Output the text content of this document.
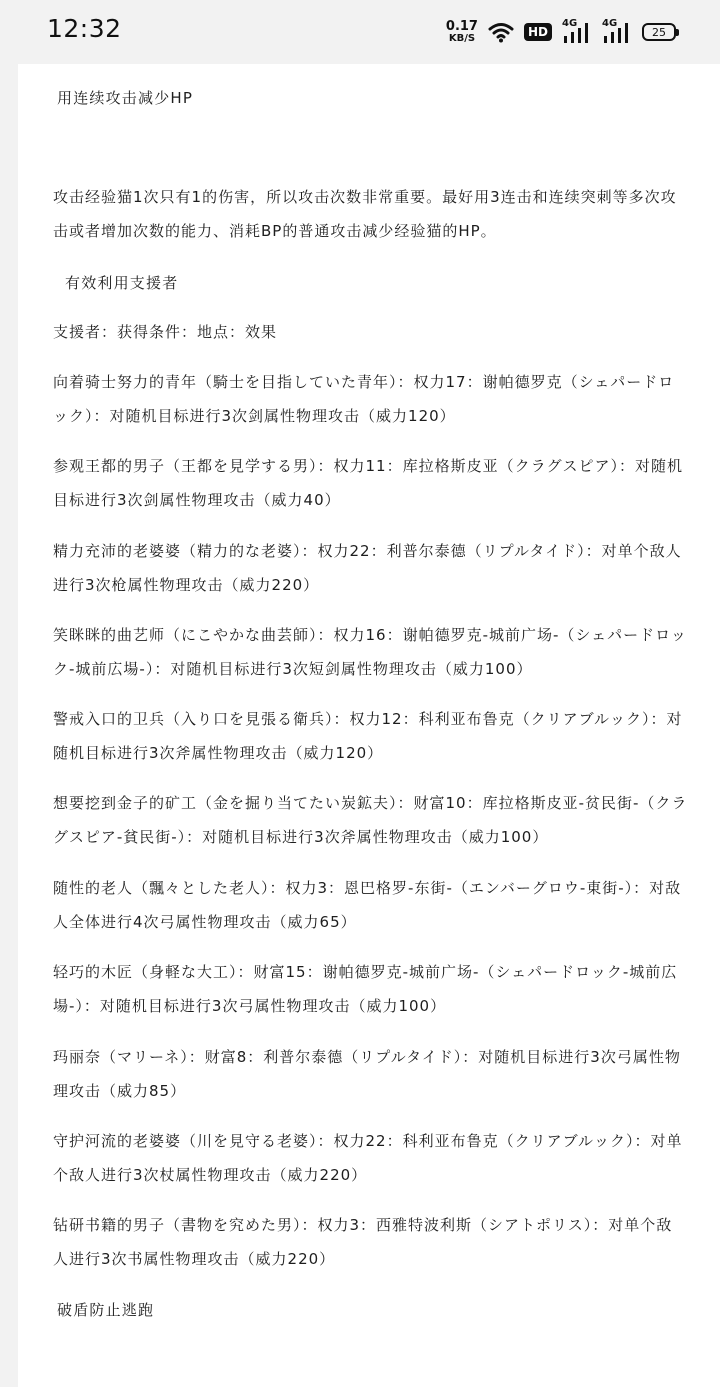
12:32	0.17
KB/S	HD
4G 4G
25

用连续攻击减少HP

攻击经验猫1次只有1的伤害，所以攻击次数非常重要。最好用3连击和连续突刺等多次攻击或者增加次数的能力、消耗BP的普通攻击减少经验猫的HP。

有效利用支援者

支援者：获得条件：地点：效果

向着骑士努力的青年（騎士を目指していた青年）：权力17：谢帕德罗克（シェパードロック）：对随机目标进行3次剑属性物理攻击（威力120）

参观王都的男子（王都を見学する男）：权力11：库拉格斯皮亚（クラグスピア）：对随机目标进行3次剑属性物理攻击（威力40）

精力充沛的老婆婆（精力的な老婆）：权力22：利普尔泰德（リプルタイド）：对单个敌人进行3次枪属性物理攻击（威力220）

笑眯眯的曲艺师（にこやかな曲芸師）：权力16：谢帕德罗克-城前广场-（シェパードロック-城前広場-）：对随机目标进行3次短剑属性物理攻击（威力100）

警戒入口的卫兵（入り口を見張る衛兵）：权力12：科利亚布鲁克（クリアブルック）：对随机目标进行3次斧属性物理攻击（威力120）

想要挖到金子的矿工（金を掘り当てたい炭鉱夫）：财富10：库拉格斯皮亚-贫民街-（クラグスピア-貧民街-）：对随机目标进行3次斧属性物理攻击（威力100）

随性的老人（飄々とした老人）：权力3：恩巴格罗-东街-（エンバーグロウ-東街-）：对敌人全体进行4次弓属性物理攻击（威力65）

轻巧的木匠（身軽な大工）：财富15：谢帕德罗克-城前广场-（シェパードロック-城前広場-）：对随机目标进行3次弓属性物理攻击（威力100）

玛丽奈（マリーネ）：财富8：利普尔泰德（リプルタイド）：对随机目标进行3次弓属性物理攻击（威力85）

守护河流的老婆婆（川を見守る老婆）：权力22：科利亚布鲁克（クリアブルック）：对单个敌人进行3次杖属性物理攻击（威力220）

钻研书籍的男子（書物を究めた男）：权力3：西雅特波利斯（シアトポリス）：对单个敌人进行3次书属性物理攻击（威力220）

破盾防止逃跑
